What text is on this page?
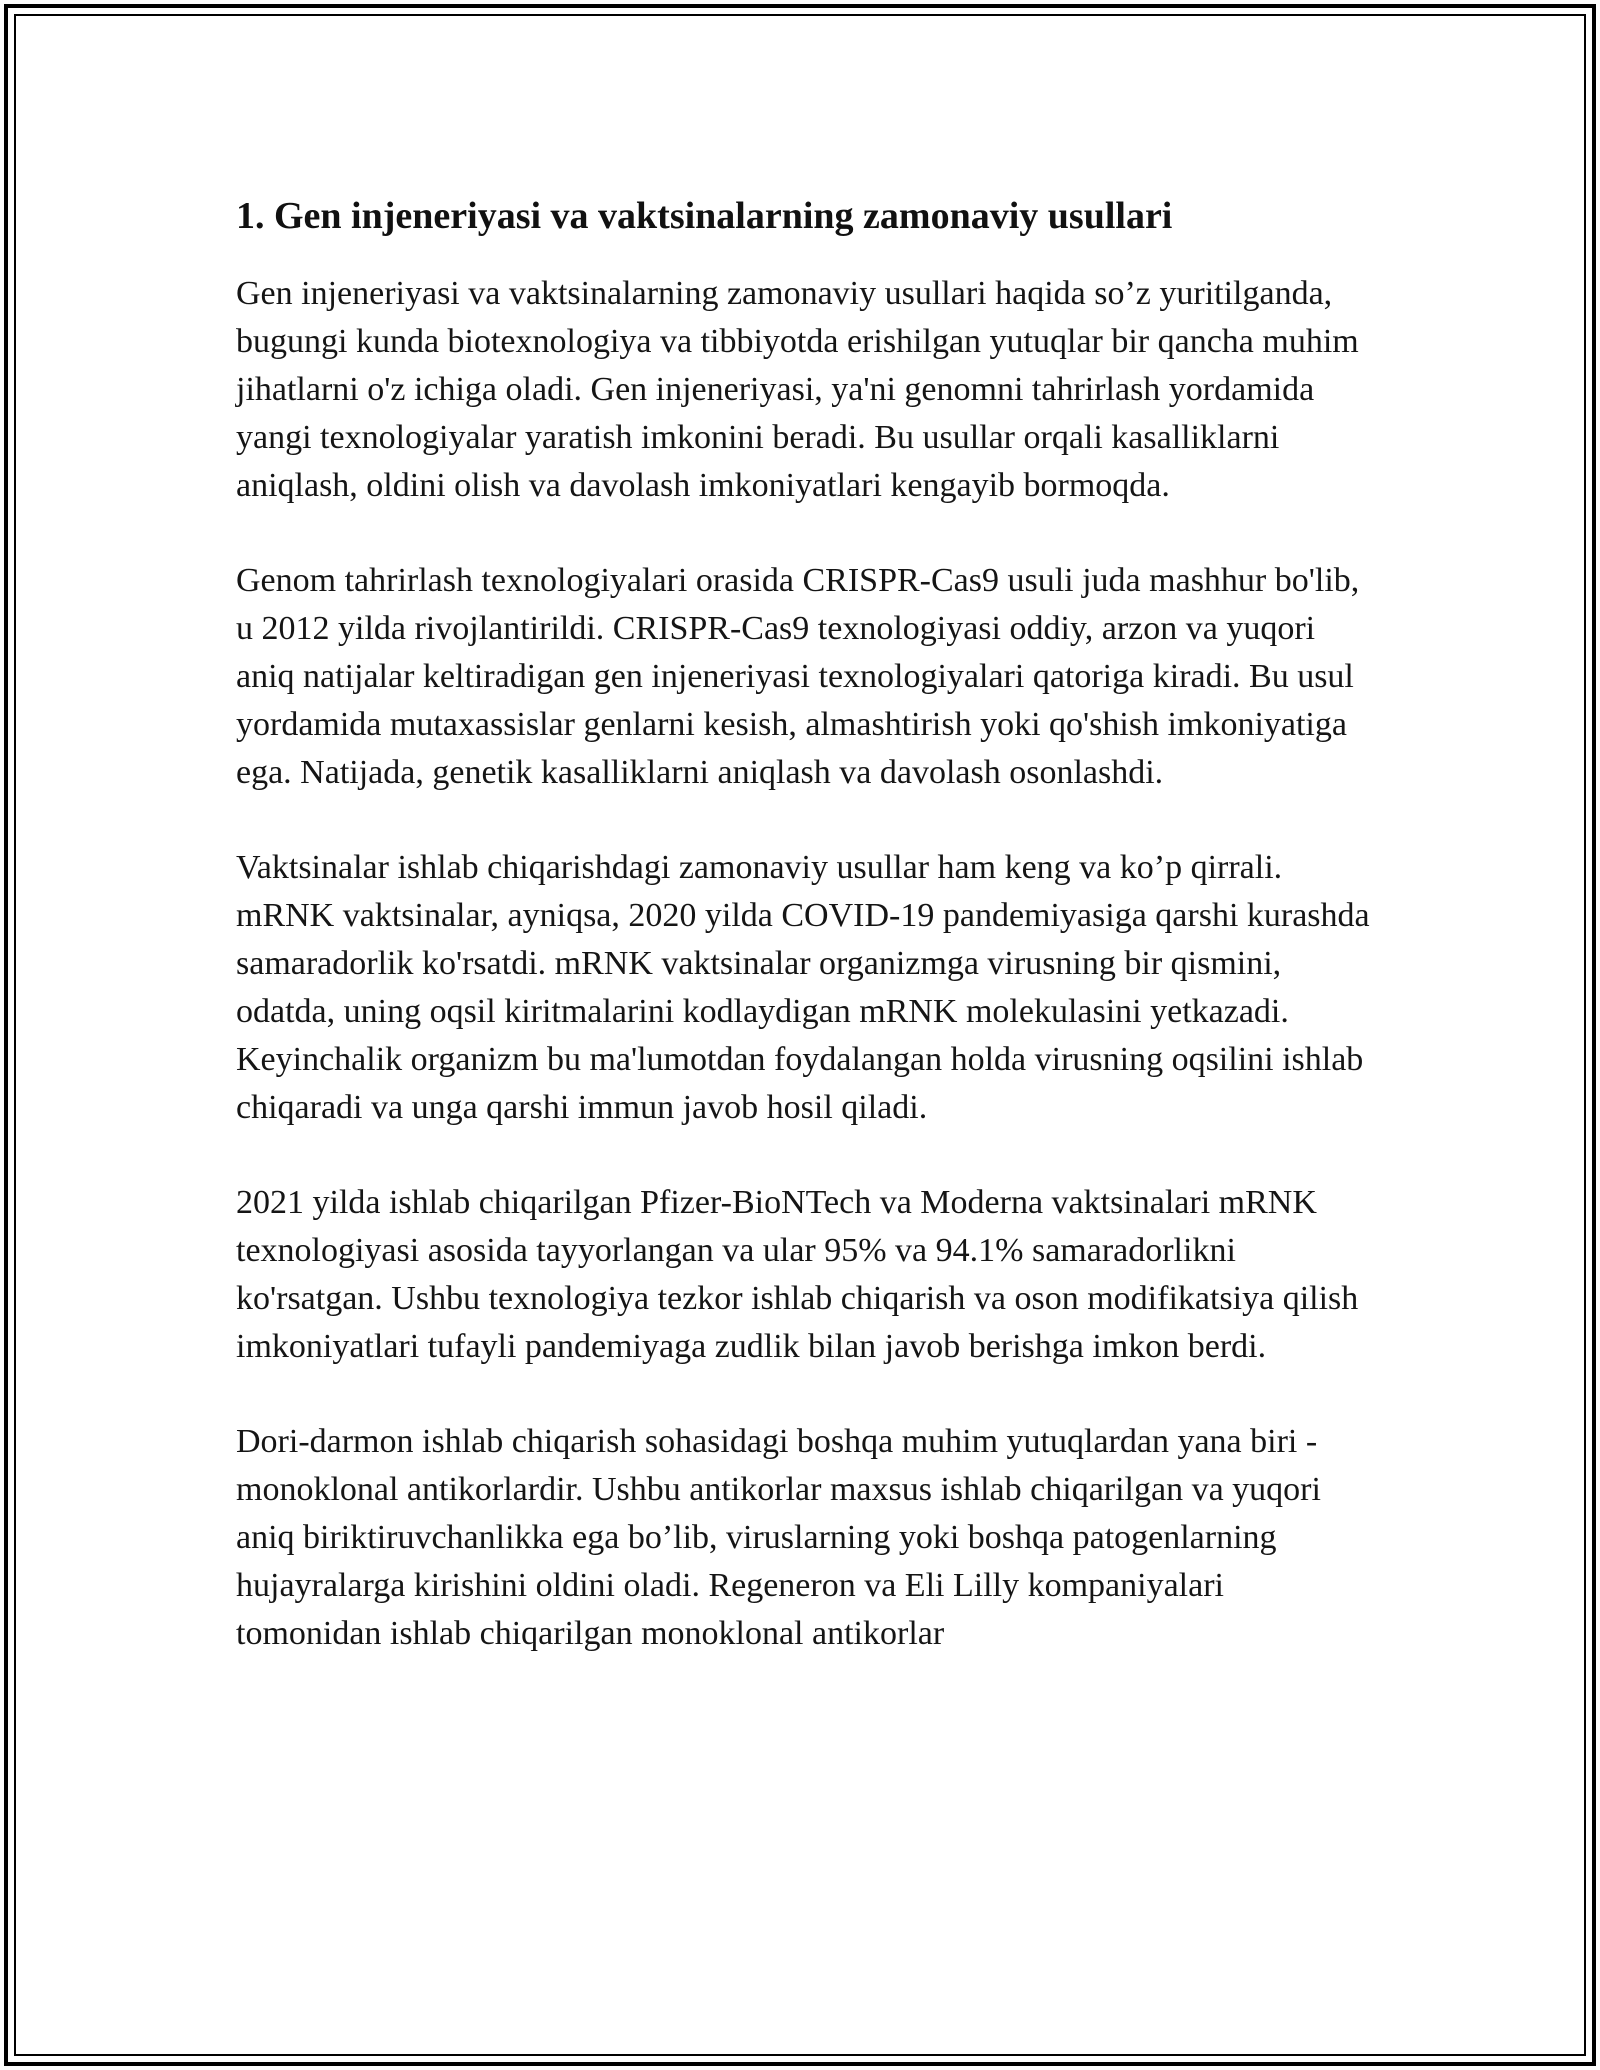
1. Gen injeneriyasi va vaktsinalarning zamonaviy usullari

Gen injeneriyasi va vaktsinalarning zamonaviy usullari haqida so’z yuritilganda, bugungi kunda biotexnologiya va tibbiyotda erishilgan yutuqlar bir qancha muhim jihatlarni o'z ichiga oladi. Gen injeneriyasi, ya'ni genomni tahrirlash yordamida yangi texnologiyalar yaratish imkonini beradi. Bu usullar orqali kasalliklarni aniqlash, oldini olish va davolash imkoniyatlari kengayib bormoqda.

Genom tahrirlash texnologiyalari orasida CRISPR-Cas9 usuli juda mashhur bo'lib, u 2012 yilda rivojlantirildi. CRISPR-Cas9 texnologiyasi oddiy, arzon va yuqori aniq natijalar keltiradigan gen injeneriyasi texnologiyalari qatoriga kiradi. Bu usul yordamida mutaxassislar genlarni kesish, almashtirish yoki qo'shish imkoniyatiga ega. Natijada, genetik kasalliklarni aniqlash va davolash osonlashdi.

Vaktsinalar ishlab chiqarishdagi zamonaviy usullar ham keng va ko’p qirrali. mRNK vaktsinalar, ayniqsa, 2020 yilda COVID-19 pandemiyasiga qarshi kurashda samaradorlik ko'rsatdi. mRNK vaktsinalar organizmga virusning bir qismini, odatda, uning oqsil kiritmalarini kodlaydigan mRNK molekulasini yetkazadi. Keyinchalik organizm bu ma'lumotdan foydalangan holda virusning oqsilini ishlab chiqaradi va unga qarshi immun javob hosil qiladi.

2021 yilda ishlab chiqarilgan Pfizer-BioNTech va Moderna vaktsinalari mRNK texnologiyasi asosida tayyorlangan va ular 95% va 94.1% samaradorlikni ko'rsatgan. Ushbu texnologiya tezkor ishlab chiqarish va oson modifikatsiya qilish imkoniyatlari tufayli pandemiyaga zudlik bilan javob berishga imkon berdi.

Dori-darmon ishlab chiqarish sohasidagi boshqa muhim yutuqlardan yana biri - monoklonal antikorlardir. Ushbu antikorlar maxsus ishlab chiqarilgan va yuqori aniq biriktiruvchanlikka ega bo’lib, viruslarning yoki boshqa patogenlarning hujayralarga kirishini oldini oladi. Regeneron va Eli Lilly kompaniyalari tomonidan ishlab chiqarilgan monoklonal antikorlar
